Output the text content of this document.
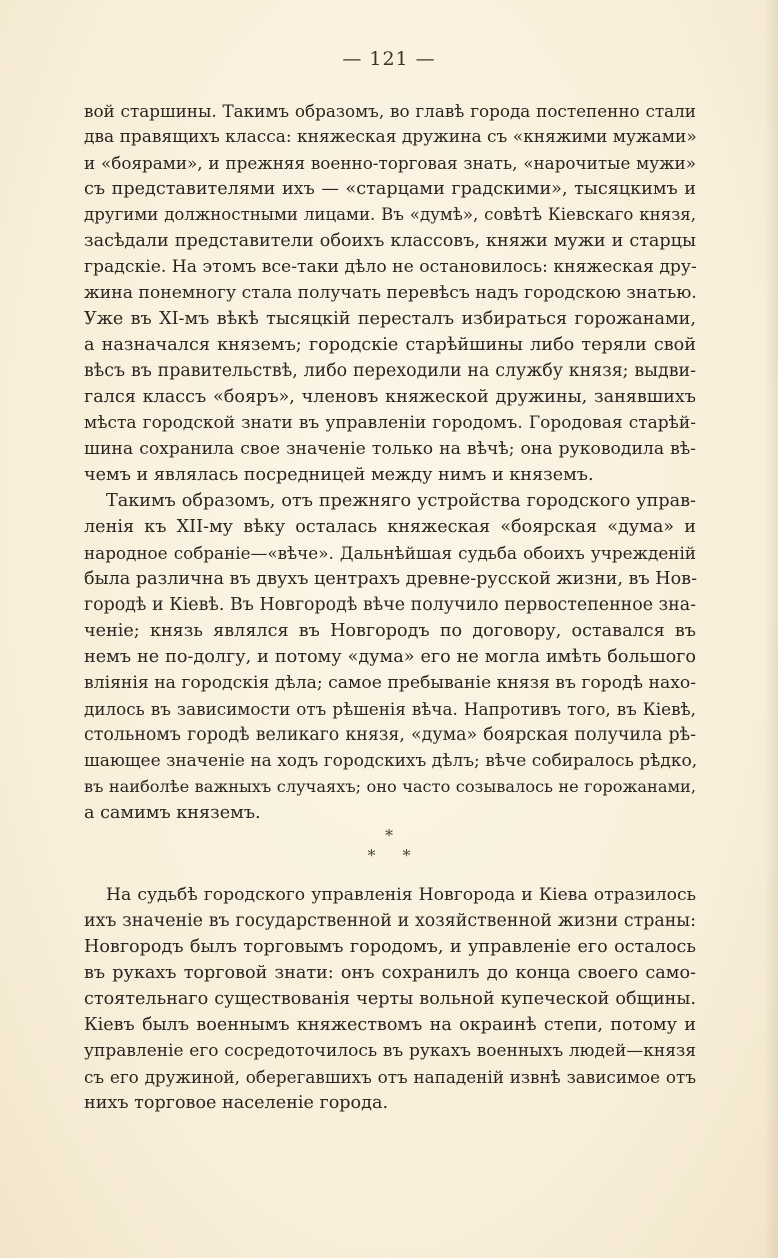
— 121 —
вой старшины. Такимъ образомъ, во главѣ города постепенно стали
два правящихъ класса: княжеская дружина съ «княжими мужами»
и «боярами», и прежняя военно-торговая знать, «нарочитые мужи»
съ представителями ихъ — «старцами градскими», тысяцкимъ и
другими должностными лицами. Въ «думѣ», совѣтѣ Кіевскаго князя,
засѣдали представители обоихъ классовъ, княжи мужи и старцы
градскіе. На этомъ все-таки дѣло не остановилось: княжеская дру-
жина понемногу стала получать перевѣсъ надъ городскою знатью.
Уже въ XI-мъ вѣкѣ тысяцкій пересталъ избираться горожанами,
а назначался княземъ; городскіе старѣйшины либо теряли свой
вѣсъ въ правительствѣ, либо переходили на службу князя; выдви-
гался классъ «бояръ», членовъ княжеской дружины, занявшихъ
мѣста городской знати въ управленіи городомъ. Городовая старѣй-
шина сохранила свое значеніе только на вѣчѣ; она руководила вѣ-
чемъ и являлась посредницей между нимъ и княземъ.
Такимъ образомъ, отъ прежняго устройства городского управ-
ленія къ XII-му вѣку осталась княжеская «боярская «дума» и
народное собраніе—«вѣче». Дальнѣйшая судьба обоихъ учрежденій
была различна въ двухъ центрахъ древне-русской жизни, въ Нов-
городѣ и Кіевѣ. Въ Новгородѣ вѣче получило первостепенное зна-
ченіе; князь являлся въ Новгородъ по договору, оставался въ
немъ не по-долгу, и потому «дума» его не могла имѣть большого
вліянія на городскія дѣла; самое пребываніе князя въ городѣ нахо-
дилось въ зависимости отъ рѣшенія вѣча. Напротивъ того, въ Кіевѣ,
стольномъ городѣ великаго князя, «дума» боярская получила рѣ-
шающее значеніе на ходъ городскихъ дѣлъ; вѣче собиралось рѣдко,
въ наиболѣе важныхъ случаяхъ; оно часто созывалось не горожанами,
а самимъ княземъ.
*
* *
На судьбѣ городского управленія Новгорода и Кіева отразилось
ихъ значеніе въ государственной и хозяйственной жизни страны:
Новгородъ былъ торговымъ городомъ, и управленіе его осталось
въ рукахъ торговой знати: онъ сохранилъ до конца своего само-
стоятельнаго существованія черты вольной купеческой общины.
Кіевъ былъ военнымъ княжествомъ на окраинѣ степи, потому и
управленіе его сосредоточилось въ рукахъ военныхъ людей—князя
съ его дружиной, оберегавшихъ отъ нападеній извнѣ зависимое отъ
нихъ торговое населеніе города.
